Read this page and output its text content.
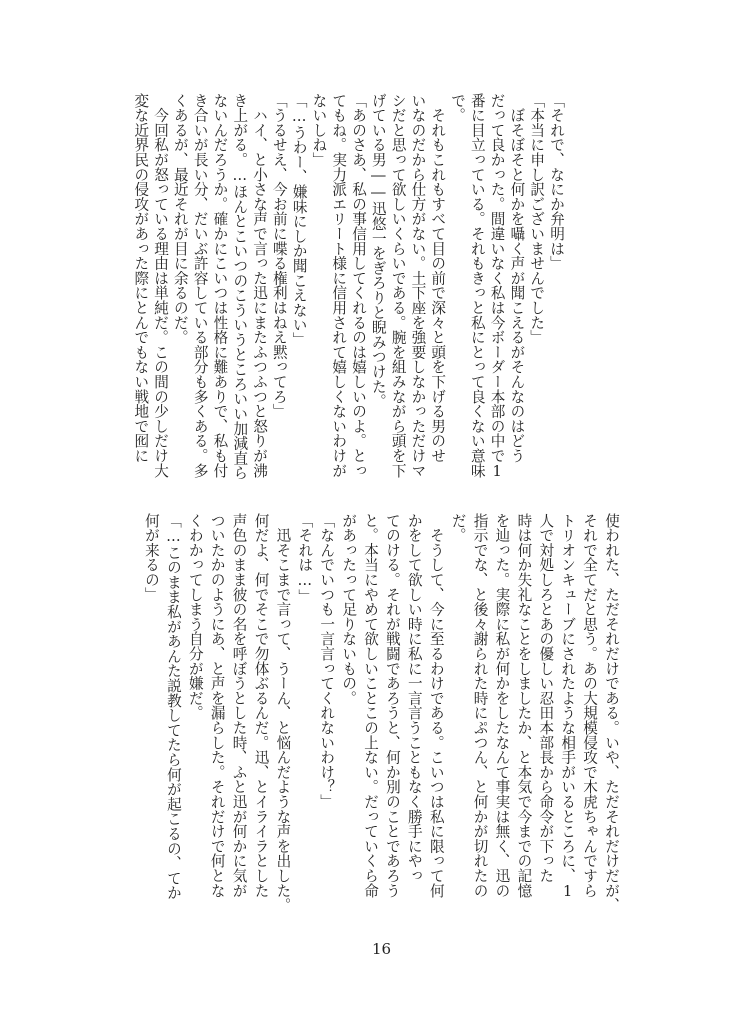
「それで、なにか弁明は」
「本当に申し訳ございませんでした」
　ぼそぼそと何かを囁く声が聞こえるがそんなのはどう
だって良かった。間違いなく私は今ボーダー本部の中で1
番に目立っている。それもきっと私にとって良くない意味
で。
　それもこれもすべて目の前で深々と頭を下げる男のせ
いなのだから仕方がない。土下座を強要しなかっただけマ
シだと思って欲しいくらいである。腕を組みながら頭を下
げている男――迅悠一をぎろりと睨みつけた。
「あのさあ、私の事信用してくれるのは嬉しいのよ。とっ
てもね。実力派エリート様に信用されて嬉しくないわけが
ないしね」
「…うわー、嫌味にしか聞こえない」
「うるせえ、今お前に喋る権利はねえ黙ってろ」
　ハイ、と小さな声で言った迅にまたふつふつと怒りが沸
き上がる。…ほんとこいつのこういうところいい加減直ら
ないんだろうか。確かにこいつは性格に難ありで、私も付
き合いが長い分、だいぶ許容している部分も多くある。多
くあるが、最近それが目に余るのだ。
　今回私が怒っている理由は単純だ。この間の少しだけ大
変な近界民の侵攻があった際にとんでもない戦地で囮に
使われた、ただそれだけである。いや、ただそれだけだが、
それで全てだと思う。あの大規模侵攻で木虎ちゃんですら
トリオンキューブにされたような相手がいるところに、1
人で対処しろとあの優しい忍田本部長から命令が下った
時は何か失礼なことをしましたか、と本気で今までの記憶
を辿った。実際に私が何かをしたなんて事実は無く、迅の
指示でな、と後々謝られた時にぷつん、と何かが切れたの
だ。
　そうして、今に至るわけである。こいつは私に限って何
かをして欲しい時に私に一言言うこともなく勝手にやっ
てのける。それが戦闘であろうと、何か別のことであろう
と。本当にやめて欲しいことこの上ない。だっていくら命
があったって足りないもの。
「なんでいつも一言言ってくれないわけ？」
「それは…」
　迅そこまで言って、うーん、と悩んだような声を出した。
何だよ、何でそこで勿体ぶるんだ。迅、とイライラとした
声色のまま彼の名を呼ぼうとした時、ふと迅が何かに気が
ついたかのようにあ、と声を漏らした。それだけで何とな
くわかってしまう自分が嫌だ。
「…このまま私があんた説教してたら何が起こるの、てか
何が来るの」
16
